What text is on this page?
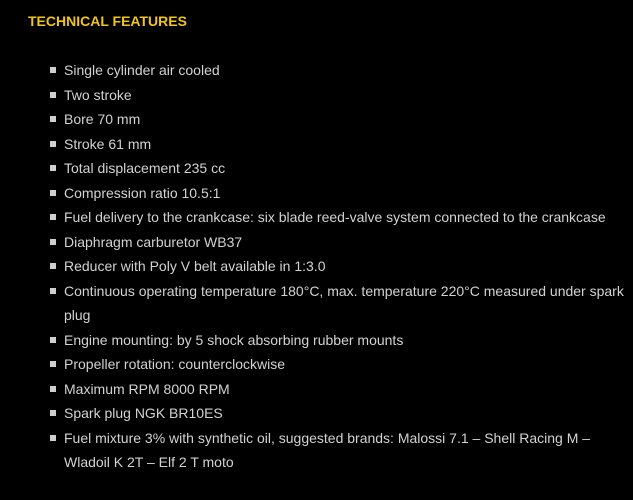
TECHNICAL FEATURES
Single cylinder air cooled
Two stroke
Bore 70 mm
Stroke 61 mm
Total displacement 235 cc
Compression ratio 10.5:1
Fuel delivery to the crankcase: six blade reed-valve system connected to the crankcase
Diaphragm carburetor WB37
Reducer with Poly V belt available in 1:3.0
Continuous operating temperature 180°C, max. temperature 220°C measured under spark plug
Engine mounting: by 5 shock absorbing rubber mounts
Propeller rotation: counterclockwise
Maximum RPM 8000 RPM
Spark plug NGK BR10ES
Fuel mixture 3% with synthetic oil, suggested brands: Malossi 7.1 – Shell Racing M – Wladoil K 2T – Elf 2 T moto
